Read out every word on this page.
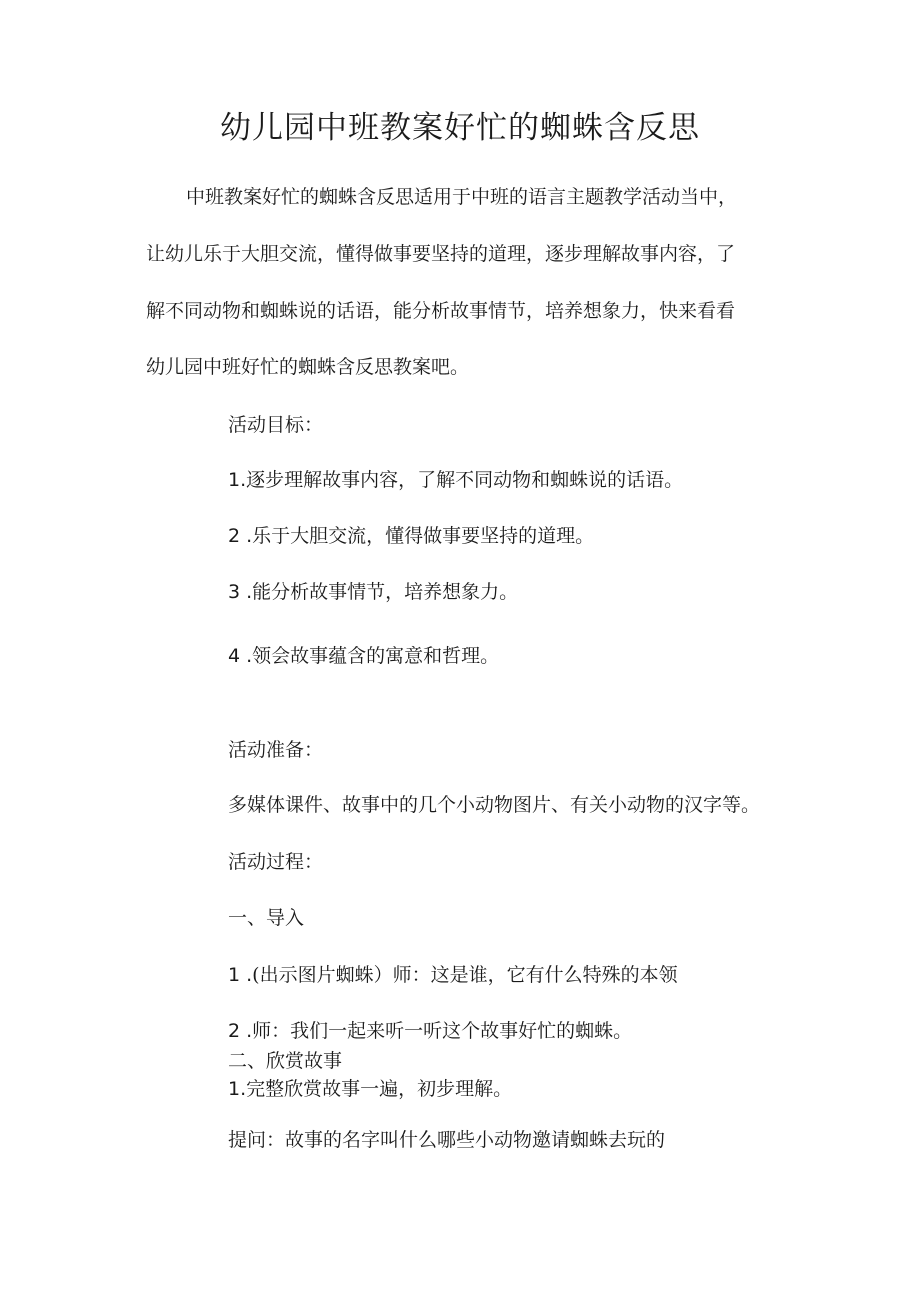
幼儿园中班教案好忙的蜘蛛含反思

中班教案好忙的蜘蛛含反思适用于中班的语言主题教学活动当中，

让幼儿乐于大胆交流，懂得做事要坚持的道理，逐步理解故事内容，了

解不同动物和蜘蛛说的话语，能分析故事情节，培养想象力，快来看看

幼儿园中班好忙的蜘蛛含反思教案吧。

活动目标：

1.逐步理解故事内容，了解不同动物和蜘蛛说的话语。

2 .乐于大胆交流，懂得做事要坚持的道理。

3 .能分析故事情节，培养想象力。

4 .领会故事蕴含的寓意和哲理。

活动准备：

多媒体课件、故事中的几个小动物图片、有关小动物的汉字等。

活动过程：

一、导入

1 .(出示图片蜘蛛）师：这是谁，它有什么特殊的本领

2 .师：我们一起来听一听这个故事好忙的蜘蛛。

二、欣赏故事

1.完整欣赏故事一遍，初步理解。

提问：故事的名字叫什么哪些小动物邀请蜘蛛去玩的
